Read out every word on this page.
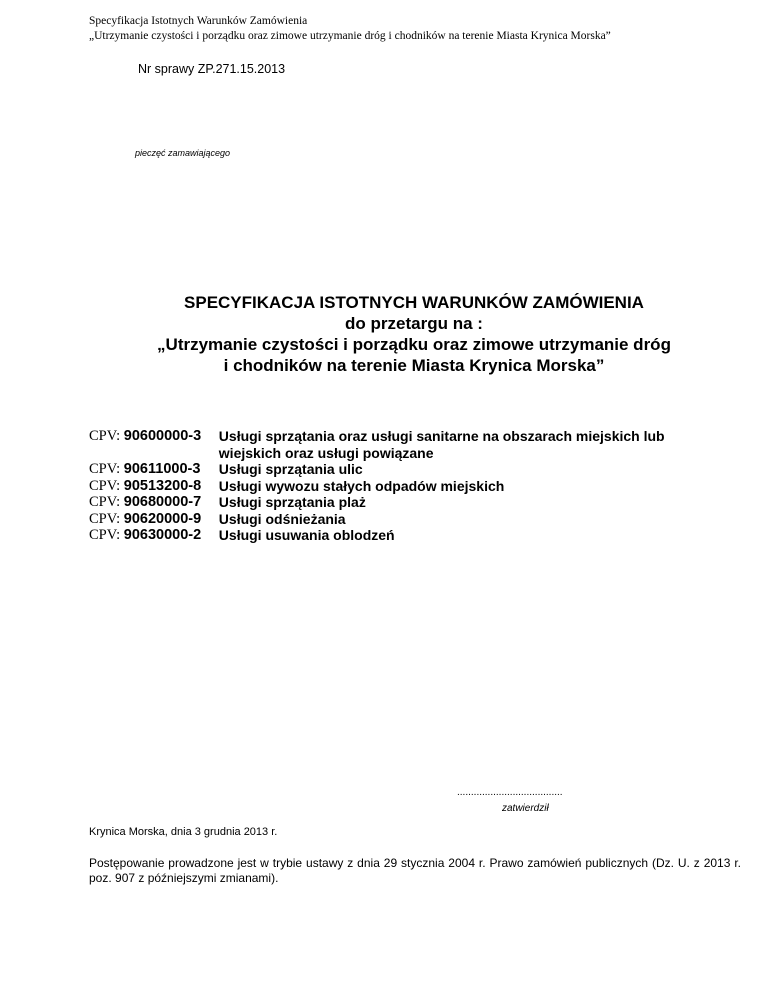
Specyfikacja Istotnych Warunków Zamówienia
„Utrzymanie czystości i porządku oraz zimowe utrzymanie dróg i chodników na terenie Miasta Krynica Morska”
Nr sprawy ZP.271.15.2013
pieczęć zamawiającego
SPECYFIKACJA ISTOTNYCH WARUNKÓW ZAMÓWIENIA
do przetargu na :
„Utrzymanie czystości i porządku oraz zimowe utrzymanie dróg
i chodników na terenie Miasta Krynica Morska”
CPV: 90600000-3	Usługi sprzątania oraz usługi sanitarne na obszarach miejskich lub
wiejskich oraz usługi powiązane
CPV: 90611000-3	Usługi sprzątania ulic
CPV: 90513200-8	Usługi wywozu stałych odpadów miejskich
CPV: 90680000-7	Usługi sprzątania plaż
CPV: 90620000-9	Usługi odśnieżania
CPV: 90630000-2	Usługi usuwania oblodzeń
......................................
zatwierdził
Krynica Morska, dnia 3 grudnia 2013 r.
Postępowanie prowadzone jest w trybie ustawy z dnia 29 stycznia 2004 r. Prawo zamówień publicznych (Dz. U. z 2013 r. poz. 907 z późniejszymi zmianami).
